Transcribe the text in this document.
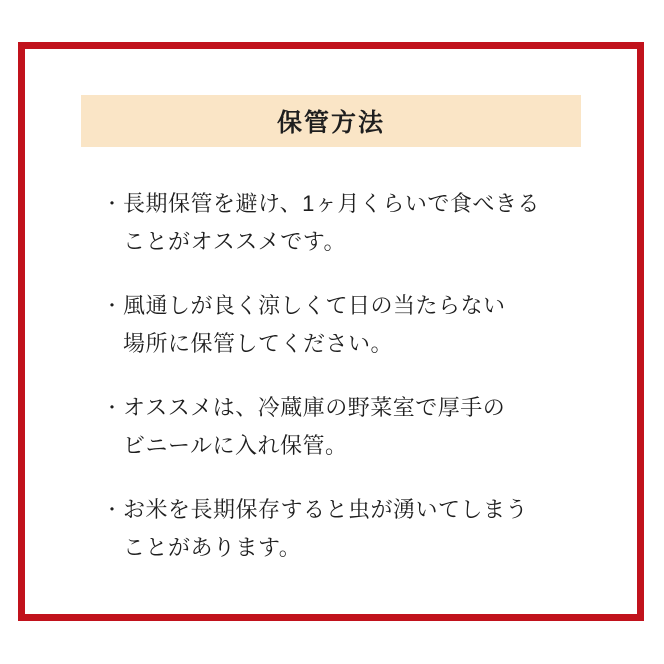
保管方法
・ 長期保管を避け、1ヶ月くらいで食べきる
ことがオススメです。
・ 風通しが良く涼しくて日の当たらない
場所に保管してください。
・ オススメは、冷蔵庫の野菜室で厚手の
ビニールに入れ保管。
・ お米を長期保存すると虫が湧いてしまう
ことがあります。
